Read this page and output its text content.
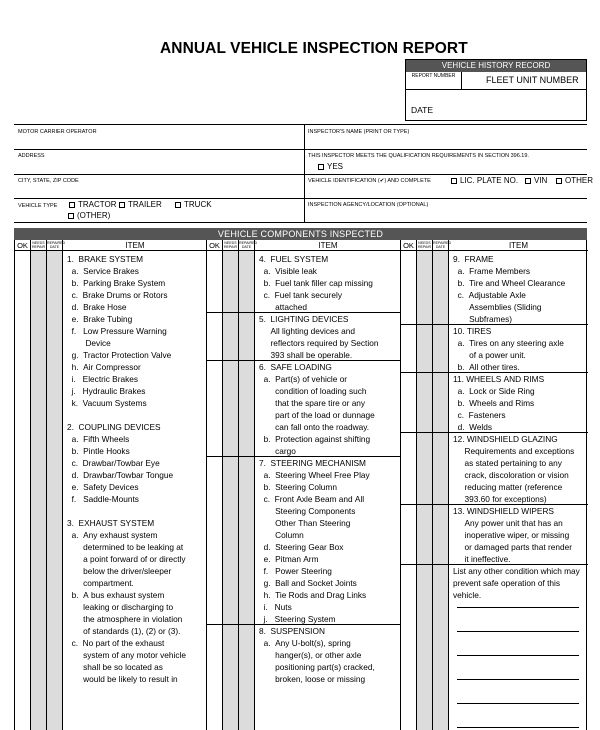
ANNUAL VEHICLE INSPECTION REPORT
VEHICLE HISTORY RECORD
REPORT NUMBER	FLEET UNIT NUMBER
DATE
MOTOR CARRIER OPERATOR	INSPECTOR'S NAME (PRINT OR TYPE)
ADDRESS	THIS INSPECTOR MEETS THE QUALIFICATION REQUIREMENTS IN SECTION 396.19.
YES
CITY, STATE, ZIP CODE	VEHICLE IDENTIFICATION (✔) AND COMPLETE	LIC. PLATE NO.	VIN	OTHER
VEHICLE TYPE	TRACTOR	TRAILER	TRUCK
(OTHER)
INSPECTION AGENCY/LOCATION (OPTIONAL)
VEHICLE COMPONENTS INSPECTED
OK	NEEDS REPAIR
REPAIRED DATE	ITEM
1.  BRAKE SYSTEM
a.  Service Brakes
b.  Parking Brake System
c.  Brake Drums or Rotors
d.  Brake Hose
e.  Brake Tubing
f.   Low Pressure Warning
Device
g.  Tractor Protection Valve
h.  Air Compressor
i.   Electric Brakes
j.   Hydraulic Brakes
k.  Vacuum Systems
2.  COUPLING DEVICES
a.  Fifth Wheels
b.  Pintle Hooks
c.  Drawbar/Towbar Eye
d.  Drawbar/Towbar Tongue
e.  Safety Devices
f.   Saddle-Mounts
3.  EXHAUST SYSTEM
a.  Any exhaust system
determined to be leaking at
a point forward of or directly
below the driver/sleeper
compartment.
b.  A bus exhaust system
leaking or discharging to
the atmosphere in violation
of standards (1), (2) or (3).
c.  No part of the exhaust
system of any motor vehicle
shall be so located as
would be likely to result in
OK	NEEDS REPAIR
REPAIRED DATE	ITEM
4.  FUEL SYSTEM
a.  Visible leak
b.  Fuel tank filler cap missing
c.  Fuel tank securely
attached
5.  LIGHTING DEVICES
All lighting devices and
reflectors required by Section
393 shall be operable.
6.  SAFE LOADING
a.  Part(s) of vehicle or
condition of loading such
that the spare tire or any
part of the load or dunnage
can fall onto the roadway.
b.  Protection against shifting
cargo
7.  STEERING MECHANISM
a.  Steering Wheel Free Play
b.  Steering Column
c.  Front Axle Beam and All
Steering Components
Other Than Steering
Column
d.  Steering Gear Box
e.  Pitman Arm
f.   Power Steering
g.  Ball and Socket Joints
h.  Tie Rods and Drag Links
i.   Nuts
j.   Steering System
8.  SUSPENSION
a.  Any U-bolt(s), spring
hanger(s), or other axle
positioning part(s) cracked,
broken, loose or missing
OK	NEEDS REPAIR
REPAIRED DATE	ITEM
9.  FRAME
a.  Frame Members
b.  Tire and Wheel Clearance
c.  Adjustable Axle
Assemblies (Sliding
Subframes)
10. TIRES
a.  Tires on any steering axle
of a power unit.
b.  All other tires.
11. WHEELS AND RIMS
a.  Lock or Side Ring
b.  Wheels and Rims
c.  Fasteners
d.  Welds
12. WINDSHIELD GLAZING
Requirements and exceptions
as stated pertaining to any
crack, discoloration or vision
reducing matter (reference
393.60 for exceptions)
13. WINDSHIELD WIPERS
Any power unit that has an
inoperative wiper, or missing
or damaged parts that render
it ineffective.
List any other condition which may
prevent safe operation of this
vehicle.
